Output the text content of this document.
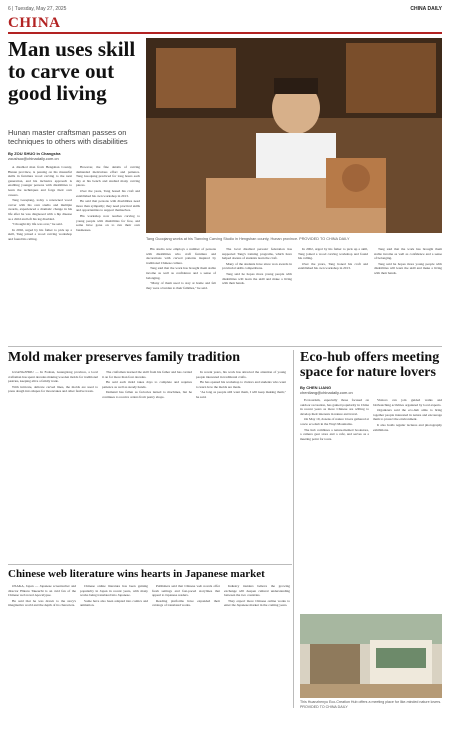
6 | Tuesday, May 27, 2025	CHINA DAILY
CHINA
Man uses skill to carve out good living
Hunan master craftsman passes on techniques to others with disabilities
By ZOU SHUO in Changsha
zoushuo@chinadaily.com.cn

A disabled man from Hengshan County, Hunan province, is passing on his masterful skills in furniture wood carving to the next generation, and his inclusive approach is enabling younger persons with disabilities to learn the techniques and forge their own careers.

Tang Guoqiang, today a renowned wood carver with his own studio and multiple awards, experienced a dramatic change in his life after he was diagnosed with a hip disease as a child and left his leg disabled.

"I thought my life was over," he said.

In 2002, urged by his father to pick up a skill, Tang joined a wood carving workshop and found his calling.

However, the fine details of carving demanded meticulous effort and patience. Tang Guoqiang practiced for long hours each day at his bench and studied many carving pieces.

Over the years, Tang honed his craft and established his own workshop in 2013.

He said that persons with disabilities need more than sympathy; they need practical skills and opportunities to support themselves.

His workshop now teaches carving to young people with disabilities for free, and some have gone on to run their own businesses.

Tang Guoqiang works at his Tianxing Carving Studio in Hengshan county, Hunan province. PROVIDED TO CHINA DAILY

His studio now employs a number of persons with disabilities who craft furniture and decorations with carved patterns inspired by traditional Chinese culture.

Tang said that the work has brought them stable income as well as confidence and a sense of belonging.

"Many of them used to stay at home and felt they were a burden to their families," he said.

The local disabled persons' federation has supported Tang's training programs, which have helped dozens of students learn the craft.

Many of the students have since won awards in provincial skills competitions.

Tang said he hopes more young people with disabilities will learn the skill and make a living with their hands.

In 2002, urged by his father to pick up a skill, Tang joined a wood carving workshop and found his calling.

Over the years, Tang honed his craft and established his own workshop in 2013.

Tang said that the work has brought them stable income as well as confidence and a sense of belonging.

Tang said he hopes more young people with disabilities will learn the skill and make a living with their hands.

Mold maker preserves family tradition

GUANGZHOU — In Foshan, Guangdong province, a local craftsman has spent decades making wooden molds for traditional pastries, keeping alive a family trade.

With intricate, delicate carved lines, the molds are used to press dough into shapes for mooncakes and other festive treats.

The craftsman learned the skill from his father and has carried it on for more than four decades.

He said each mold takes days to complete and requires patience as well as steady hands.

Demand has fallen as factories turned to machines, but he continues to receive orders from pastry shops.

In recent years, his work has attracted the attention of young people interested in traditional crafts.

He has opened his workshop to visitors and students who want to learn how the molds are made.

"As long as people still want them, I will keep making them," he said.

Eco-hub offers meeting space for nature lovers
By CHEN LIANG
chenliang@chinadaily.com.cn

Ecotourism, especially those focused on outdoor recreation, has gained popularity in China in recent years as more Chinese are willing to develop their interests in nature and travel.

On May 19, dozens of nature lovers gathered at a new eco-hub in the Wuyi Mountains.

The hub combines a nature-themed bookstore, a camera gear store and a café, and serves as a meeting point for tours.

Visitors can join guided walks and birdwatching activities organized by local experts.

Organizers said the eco-hub aims to bring together people interested in nature and encourage them to protect the environment.

It also holds regular lectures and photography exhibitions.

This Huanzhenyu Eco-Creation Hub offers a meeting place for like-minded nature lovers. PROVIDED TO CHINA DAILY
Chinese web literature wins hearts in Japanese market

OSAKA, Japan — Japanese screenwriter and director Hikaru Takeuchi is an avid fan of the Chinese web novel Apocalypse.

He said that he was drawn to the story's imaginative world and the depth of its characters.

Chinese online literature has been gaining popularity in Japan in recent years, with many works being translated into Japanese.

Some have also been adapted into comics and animation.

Publishers said that Chinese web novels offer fresh settings and fast-paced storylines that appeal to Japanese readers.

Reading platforms have expanded their catalogs of translated works.

Industry insiders believe the growing exchange will deepen cultural understanding between the two countries.

They expect more Chinese online works to enter the Japanese market in the coming years.
